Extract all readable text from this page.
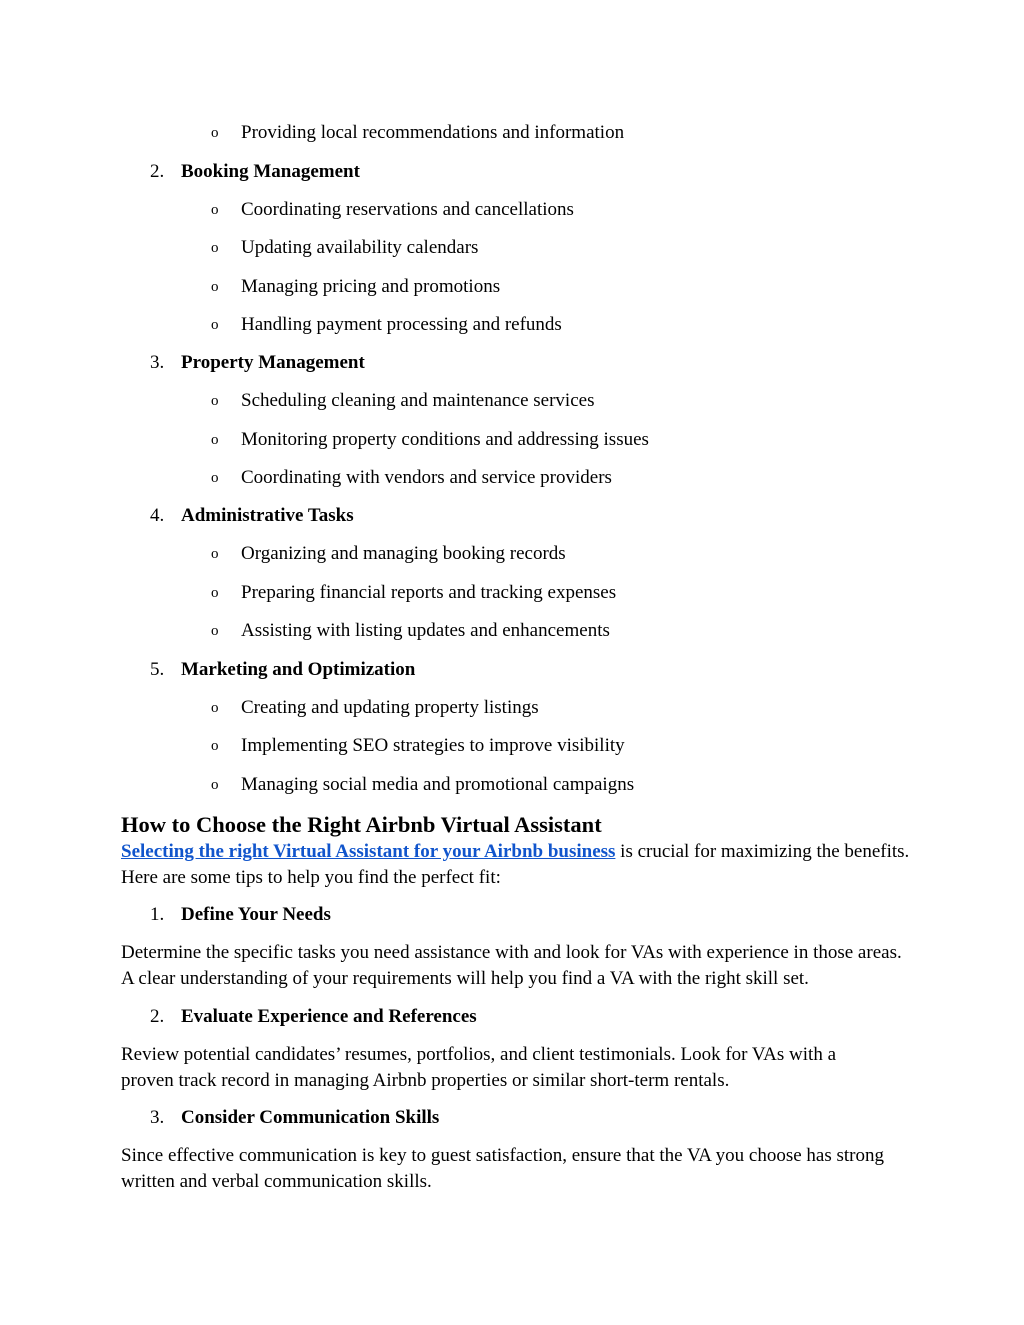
o Providing local recommendations and information
2. Booking Management
o Coordinating reservations and cancellations
o Updating availability calendars
o Managing pricing and promotions
o Handling payment processing and refunds
3. Property Management
o Scheduling cleaning and maintenance services
o Monitoring property conditions and addressing issues
o Coordinating with vendors and service providers
4. Administrative Tasks
o Organizing and managing booking records
o Preparing financial reports and tracking expenses
o Assisting with listing updates and enhancements
5. Marketing and Optimization
o Creating and updating property listings
o Implementing SEO strategies to improve visibility
o Managing social media and promotional campaigns
How to Choose the Right Airbnb Virtual Assistant
Selecting the right Virtual Assistant for your Airbnb business is crucial for maximizing the benefits. Here are some tips to help you find the perfect fit:
1. Define Your Needs
Determine the specific tasks you need assistance with and look for VAs with experience in those areas. A clear understanding of your requirements will help you find a VA with the right skill set.
2. Evaluate Experience and References
Review potential candidates’ resumes, portfolios, and client testimonials. Look for VAs with a proven track record in managing Airbnb properties or similar short-term rentals.
3. Consider Communication Skills
Since effective communication is key to guest satisfaction, ensure that the VA you choose has strong written and verbal communication skills.
